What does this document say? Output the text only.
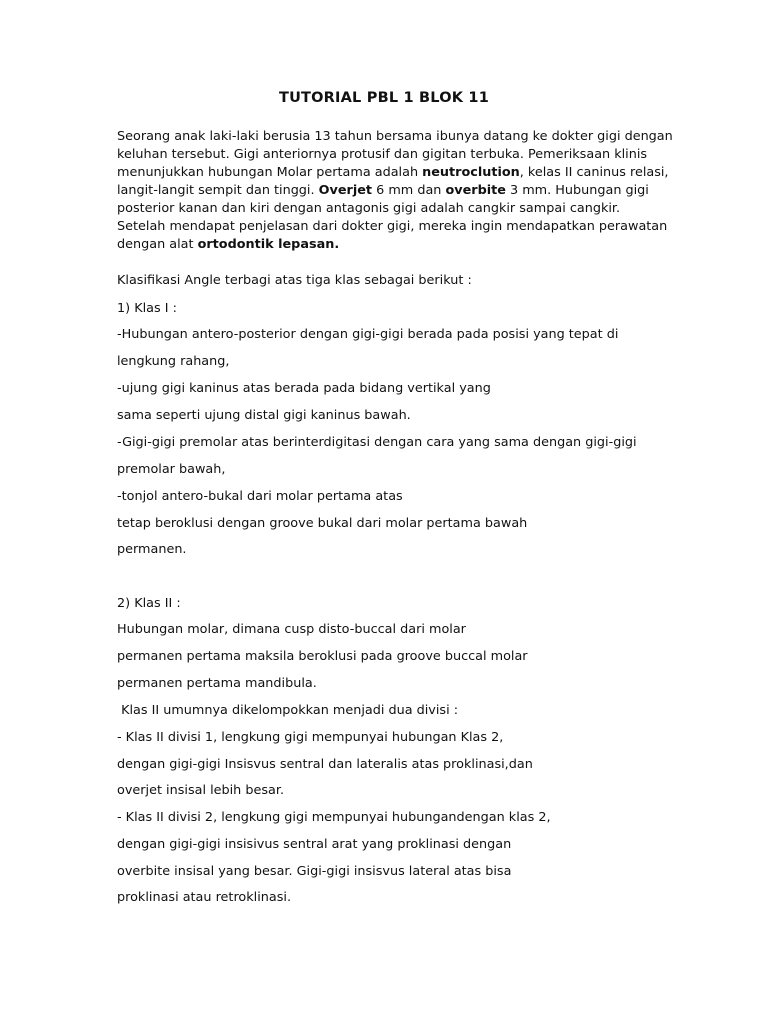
TUTORIAL PBL 1 BLOK 11
Seorang anak laki-laki berusia 13 tahun bersama ibunya datang ke dokter gigi dengan
keluhan tersebut. Gigi anteriornya protusif dan gigitan terbuka. Pemeriksaan klinis
menunjukkan hubungan Molar pertama adalah neutroclution, kelas II caninus relasi,
langit-langit sempit dan tinggi. Overjet 6 mm dan overbite 3 mm. Hubungan gigi
posterior kanan dan kiri dengan antagonis gigi adalah cangkir sampai cangkir.
Setelah mendapat penjelasan dari dokter gigi, mereka ingin mendapatkan perawatan
dengan alat ortodontik lepasan.

Klasifikasi Angle terbagi atas tiga klas sebagai berikut :

1) Klas I :

-Hubungan antero-posterior dengan gigi-gigi berada pada posisi yang tepat di

lengkung rahang,

-ujung gigi kaninus atas berada pada bidang vertikal yang

sama seperti ujung distal gigi kaninus bawah.

-Gigi-gigi premolar atas berinterdigitasi dengan cara yang sama dengan gigi-gigi

premolar bawah,

-tonjol antero-bukal dari molar pertama atas

tetap beroklusi dengan groove bukal dari molar pertama bawah

permanen.

2) Klas II :

Hubungan molar, dimana cusp disto-buccal dari molar

permanen pertama maksila beroklusi pada groove buccal molar

permanen pertama mandibula.

Klas II umumnya dikelompokkan menjadi dua divisi :

- Klas II divisi 1, lengkung gigi mempunyai hubungan Klas 2,

dengan gigi-gigi Insisvus sentral dan lateralis atas proklinasi,dan

overjet insisal lebih besar.

- Klas II divisi 2, lengkung gigi mempunyai hubungandengan klas 2,

dengan gigi-gigi insisivus sentral arat yang proklinasi dengan

overbite insisal yang besar. Gigi-gigi insisvus lateral atas bisa

proklinasi atau retroklinasi.
